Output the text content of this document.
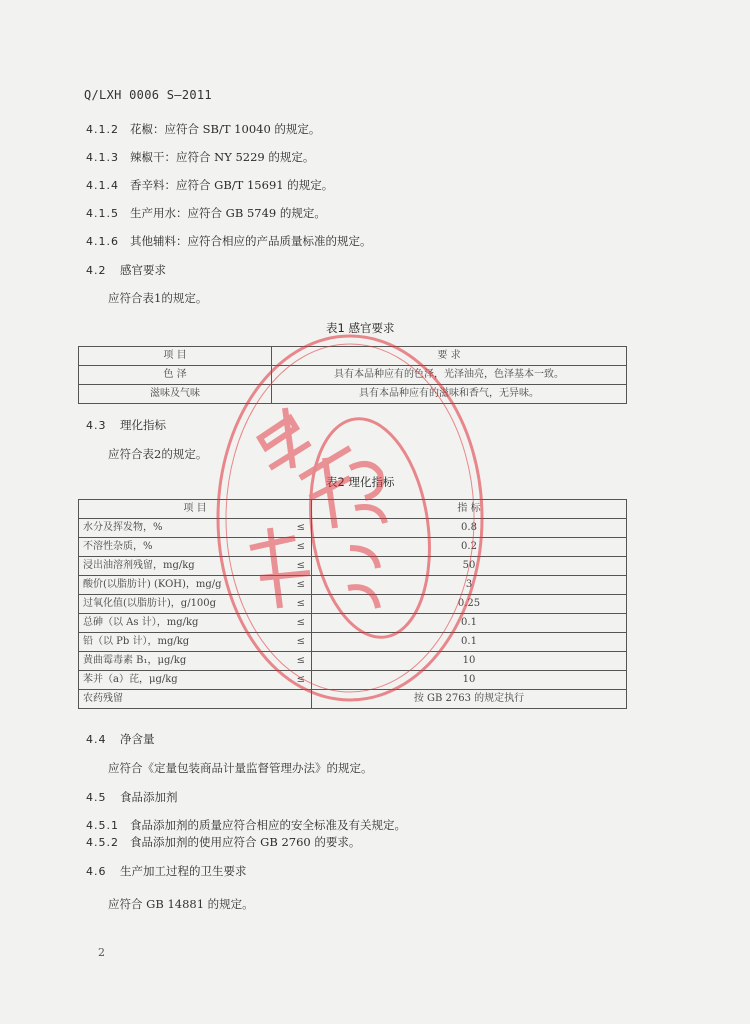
Q/LXH 0006 S—2011
4.1.2 花椒：应符合 SB/T 10040 的规定。
4.1.3 辣椒干：应符合 NY 5229 的规定。
4.1.4 香辛料：应符合 GB/T 15691 的规定。
4.1.5 生产用水：应符合 GB 5749 的规定。
4.1.6 其他辅料：应符合相应的产品质量标准的规定。
4.2 感官要求
应符合表1的规定。
表1 感官要求
项 目	要 求
色 泽	具有本品种应有的色泽，光泽油亮，色泽基本一致。
滋味及气味	具有本品种应有的滋味和香气，无异味。
4.3 理化指标
应符合表2的规定。
表2 理化指标
项 目		指 标
水分及挥发物，%	≤	0.8
不溶性杂质，%	≤	0.2
浸出油溶剂残留，mg/kg	≤	50
酸价(以脂肪计) (KOH)，mg/g	≤	3
过氧化值(以脂肪计)，g/100g	≤	0.25
总砷（以 As 计），mg/kg	≤	0.1
铅（以 Pb 计），mg/kg	≤	0.1
黄曲霉毒素 B₁，μg/kg	≤	10
苯并（a）芘，μg/kg	≤	10
农药残留		按 GB 2763 的规定执行
4.4 净含量
应符合《定量包装商品计量监督管理办法》的规定。
4.5 食品添加剂
4.5.1 食品添加剂的质量应符合相应的安全标准及有关规定。
4.5.2 食品添加剂的使用应符合 GB 2760 的要求。
4.6 生产加工过程的卫生要求
应符合 GB 14881 的规定。
2
